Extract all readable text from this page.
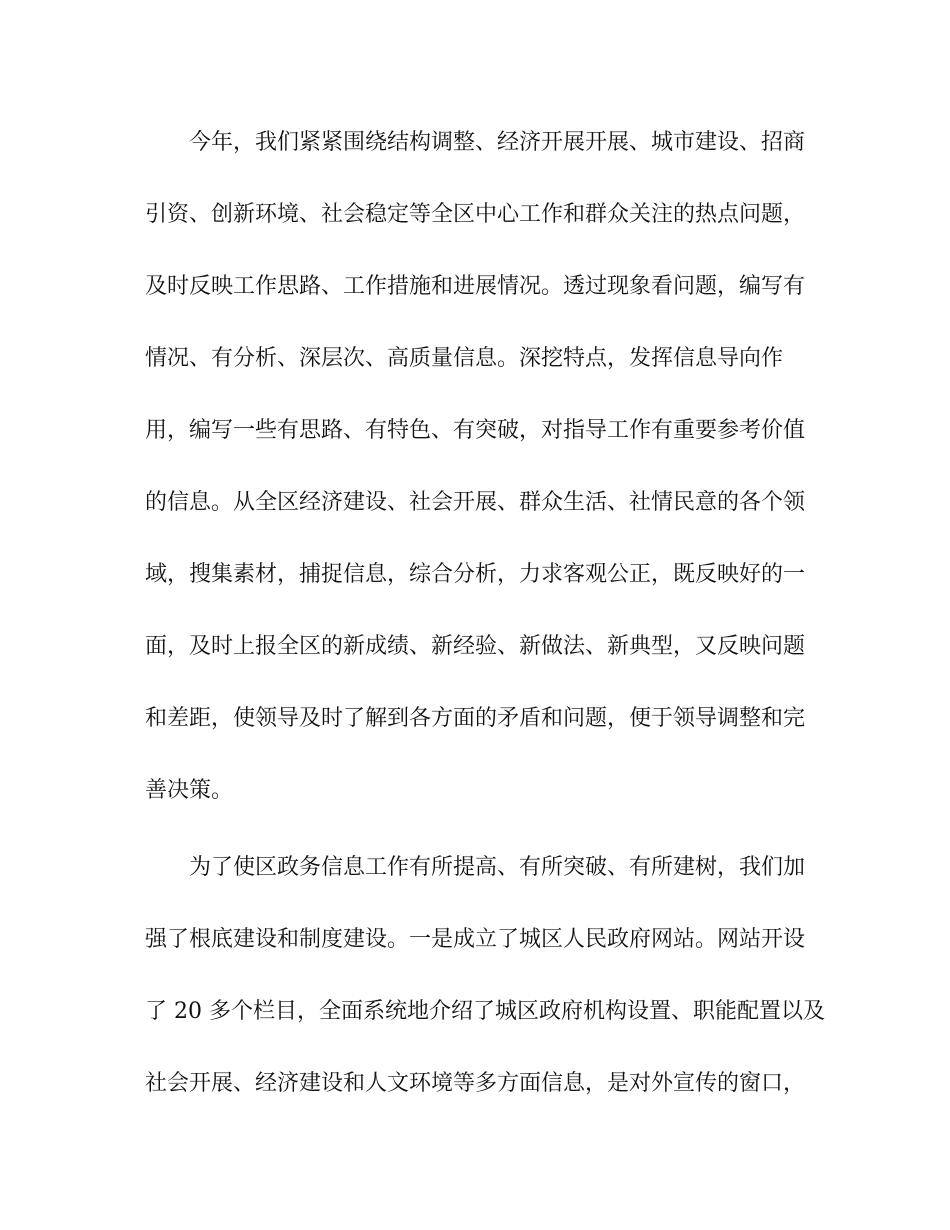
今年，我们紧紧围绕结构调整、经济开展开展、城市建设、招商

引资、创新环境、社会稳定等全区中心工作和群众关注的热点问题，

及时反映工作思路、工作措施和进展情况。透过现象看问题，编写有

情况、有分析、深层次、高质量信息。深挖特点，发挥信息导向作

用，编写一些有思路、有特色、有突破，对指导工作有重要参考价值

的信息。从全区经济建设、社会开展、群众生活、社情民意的各个领

域，搜集素材，捕捉信息，综合分析，力求客观公正，既反映好的一

面，及时上报全区的新成绩、新经验、新做法、新典型，又反映问题

和差距，使领导及时了解到各方面的矛盾和问题，便于领导调整和完

善决策。

为了使区政务信息工作有所提高、有所突破、有所建树，我们加

强了根底建设和制度建设。一是成立了城区人民政府网站。网站开设

了 20 多个栏目，全面系统地介绍了城区政府机构设置、职能配置以及

社会开展、经济建设和人文环境等多方面信息，是对外宣传的窗口，
